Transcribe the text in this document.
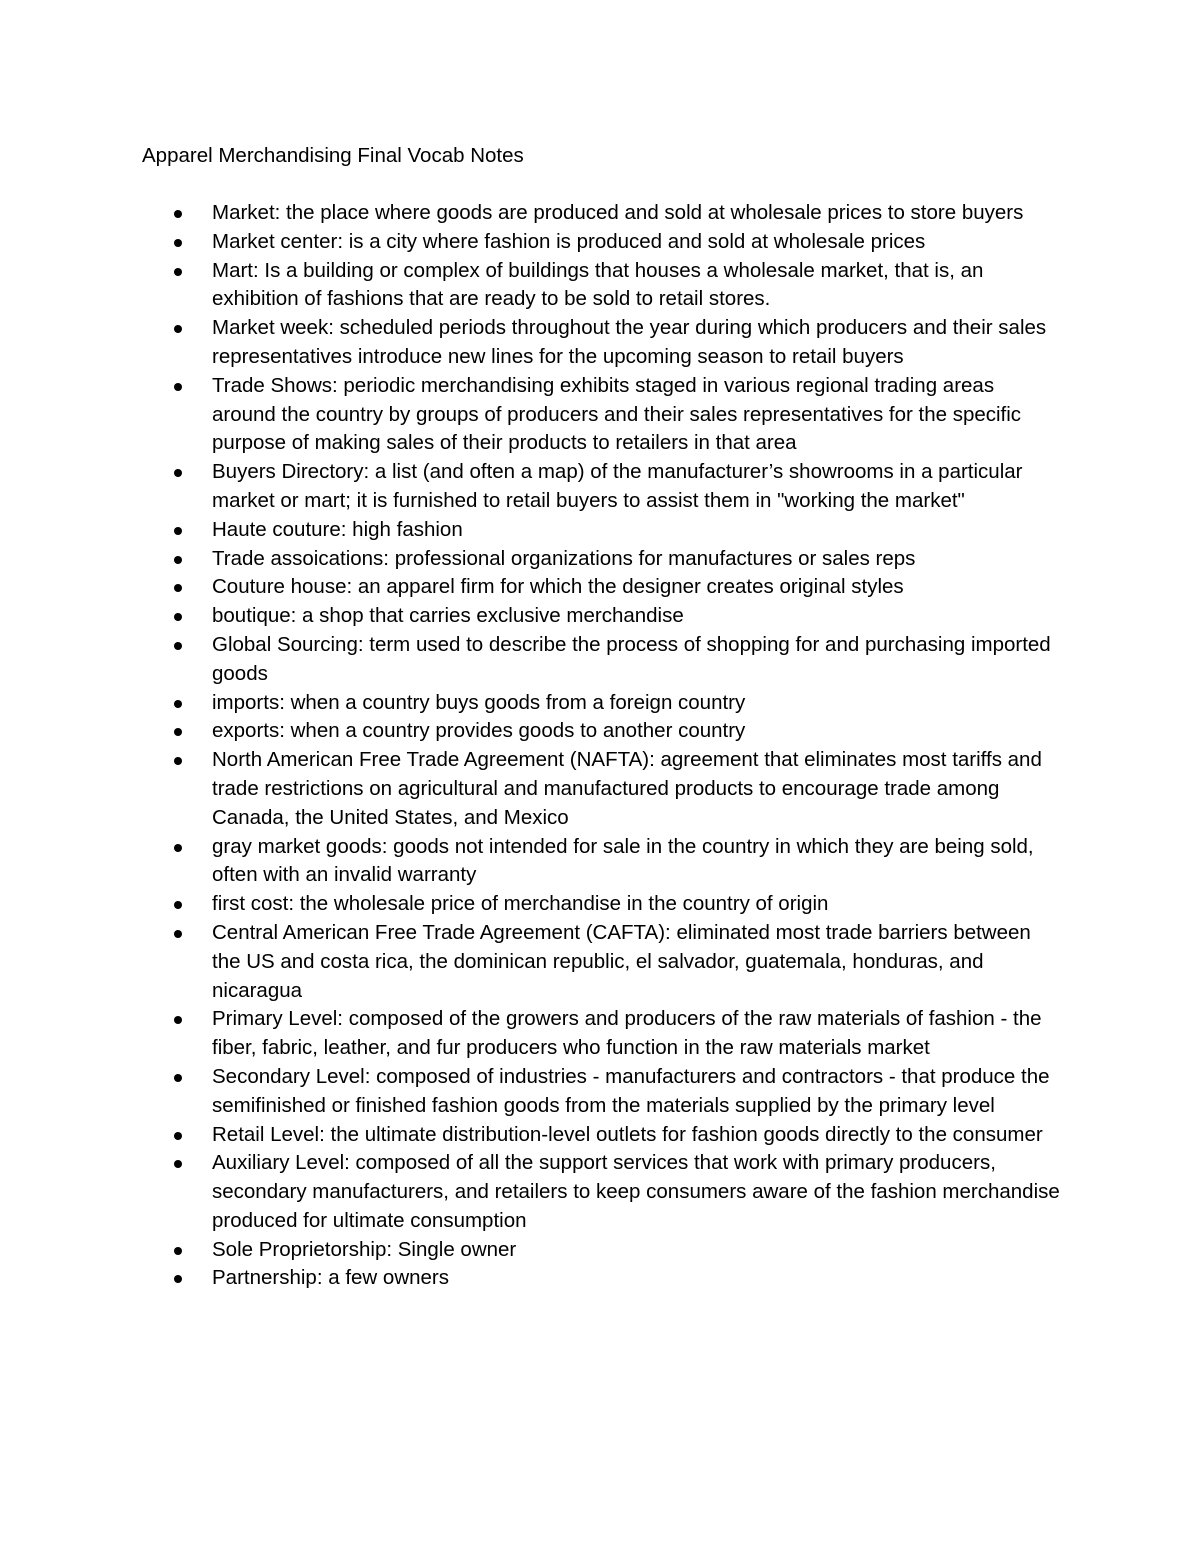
Apparel Merchandising Final Vocab Notes
Market: the place where goods are produced and sold at wholesale prices to store buyers
Market center: is a city where fashion is produced and sold at wholesale prices
Mart: Is a building or complex of buildings that houses a wholesale market, that is, an exhibition of fashions that are ready to be sold to retail stores.
Market week: scheduled periods throughout the year during which producers and their sales representatives introduce new lines for the upcoming season to retail buyers
Trade Shows: periodic merchandising exhibits staged in various regional trading areas around the country by groups of producers and their sales representatives for the specific purpose of making sales of their products to retailers in that area
Buyers Directory: a list (and often a map) of the manufacturer’s showrooms in a particular market or mart; it is furnished to retail buyers to assist them in "working the market"
Haute couture: high fashion
Trade assoications: professional organizations for manufactures or sales reps
Couture house: an apparel firm for which the designer creates original styles
boutique: a shop that carries exclusive merchandise
Global Sourcing: term used to describe the process of shopping for and purchasing imported goods
imports: when a country buys goods from a foreign country
exports: when a country provides goods to another country
North American Free Trade Agreement (NAFTA): agreement that eliminates most tariffs and trade restrictions on agricultural and manufactured products to encourage trade among Canada, the United States, and Mexico
gray market goods: goods not intended for sale in the country in which they are being sold, often with an invalid warranty
first cost: the wholesale price of merchandise in the country of origin
Central American Free Trade Agreement (CAFTA): eliminated most trade barriers between the US and costa rica, the dominican republic, el salvador, guatemala, honduras, and nicaragua
Primary Level: composed of the growers and producers of the raw materials of fashion - the fiber, fabric, leather, and fur producers who function in the raw materials market
Secondary Level: composed of industries - manufacturers and contractors - that produce the semifinished or finished fashion goods from the materials supplied by the primary level
Retail Level: the ultimate distribution-level outlets for fashion goods directly to the consumer
Auxiliary Level: composed of all the support services that work with primary producers, secondary manufacturers, and retailers to keep consumers aware of the fashion merchandise produced for ultimate consumption
Sole Proprietorship: Single owner
Partnership: a few owners
